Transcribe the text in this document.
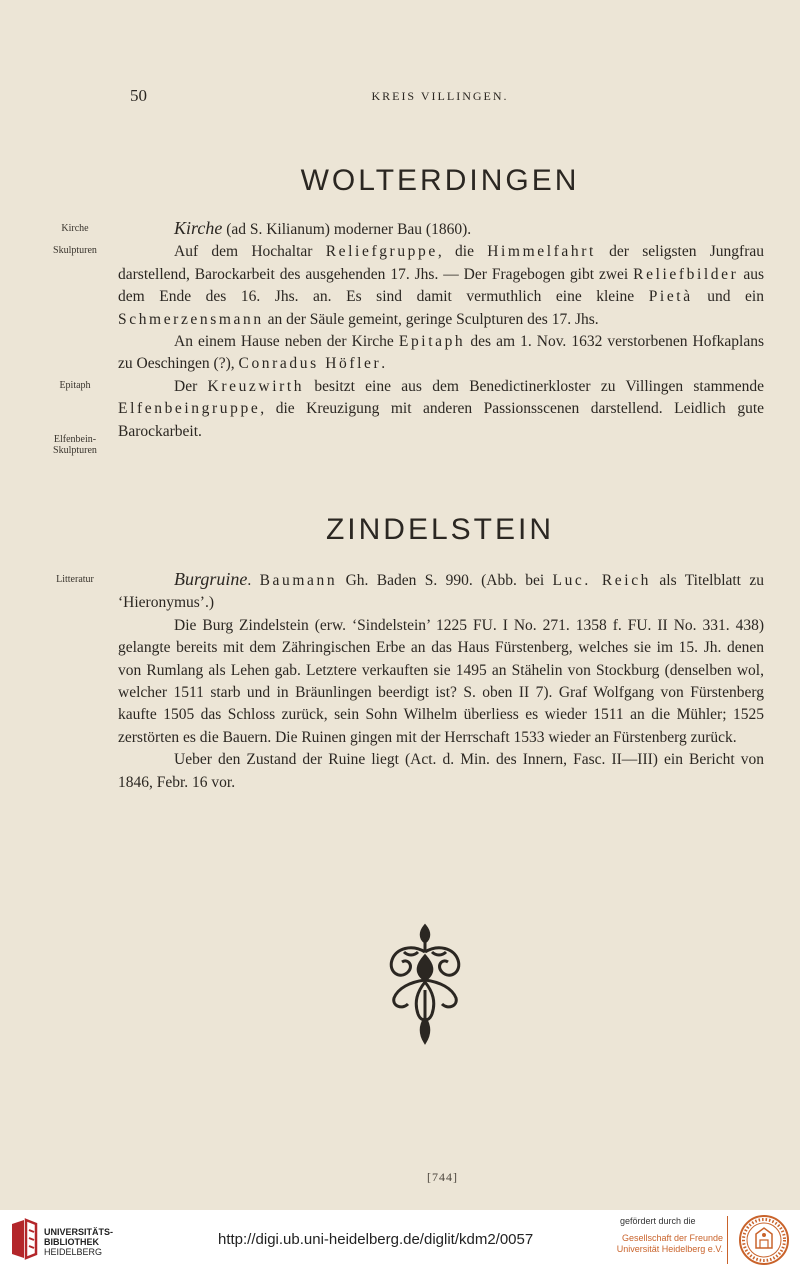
50	KREIS VILLINGEN.
WOLTERDINGEN
Kirche
Skulpturen
Epitaph
Elfenbein-
Skulpturen

Kirche (ad S. Kilianum) moderner Bau (1860).

Auf dem Hochaltar Reliefgruppe, die Himmelfahrt der seligsten Jungfrau darstellend, Barockarbeit des ausgehenden 17. Jhs. — Der Fragebogen gibt zwei Reliefbilder aus dem Ende des 16. Jhs. an. Es sind damit vermuthlich eine kleine Pietà und ein Schmerzensmann an der Säule gemeint, geringe Sculpturen des 17. Jhs.

An einem Hause neben der Kirche Epitaph des am 1. Nov. 1632 verstorbenen Hofkaplans zu Oeschingen (?), Conradus Höfler.

Der Kreuzwirth besitzt eine aus dem Benedictinerkloster zu Villingen stammende Elfenbeingruppe, die Kreuzigung mit anderen Passionsscenen darstellend. Leidlich gute Barockarbeit.

ZINDELSTEIN
Litteratur	Burgruine. Baumann Gh. Baden S. 990. (Abb. bei Luc. Reich als Titelblatt zu ‘Hieronymus’.)

Die Burg Zindelstein (erw. ‘Sindelstein’ 1225 FU. I No. 271. 1358 f. FU. II No. 331. 438) gelangte bereits mit dem Zähringischen Erbe an das Haus Fürstenberg, welches sie im 15. Jh. denen von Rumlang als Lehen gab. Letztere verkauften sie 1495 an Stähelin von Stockburg (denselben wol, welcher 1511 starb und in Bräunlingen beerdigt ist? S. oben II 7). Graf Wolfgang von Fürstenberg kaufte 1505 das Schloss zurück, sein Sohn Wilhelm überliess es wieder 1511 an die Mühler; 1525 zerstörten es die Bauern. Die Ruinen gingen mit der Herrschaft 1533 wieder an Fürstenberg zurück.

Ueber den Zustand der Ruine liegt (Act. d. Min. des Innern, Fasc. II—III) ein Bericht von 1846, Febr. 16 vor.

[744]
UNIVERSITÄTS-
BIBLIOTHEK
HEIDELBERG
http://digi.ub.uni-heidelberg.de/diglit/kdm2/0057
gefördert durch die
Gesellschaft der Freunde
Universität Heidelberg e.V.
